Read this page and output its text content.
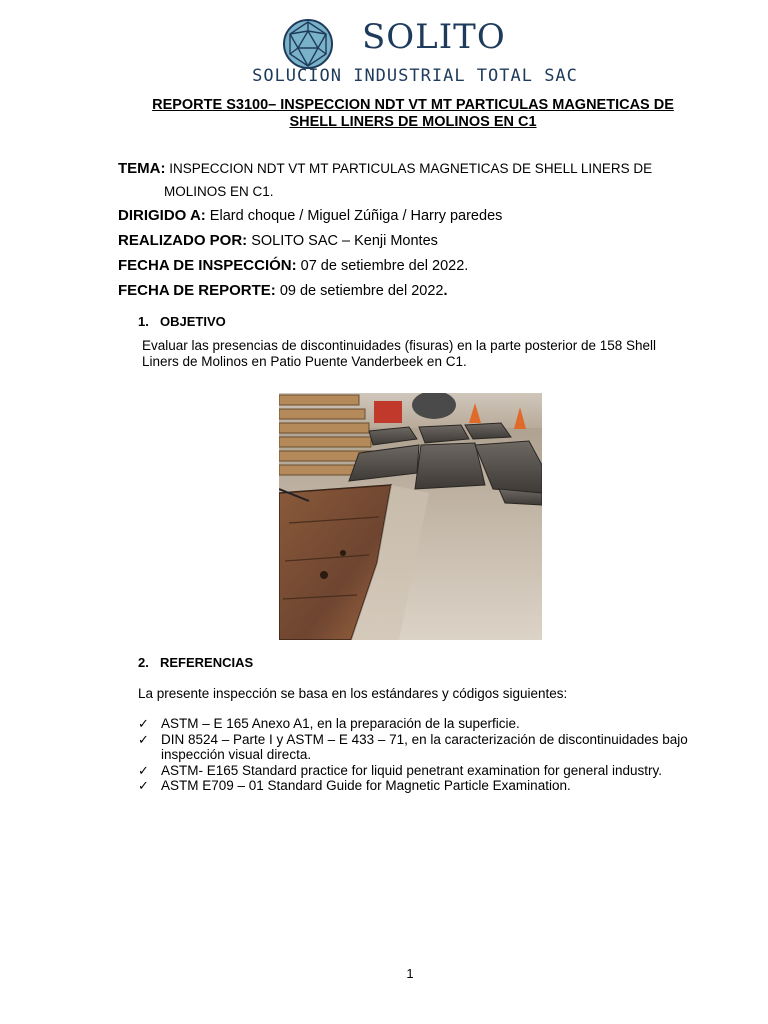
SOLITO
SOLUCION INDUSTRIAL TOTAL SAC
REPORTE S3100– INSPECCION NDT VT MT PARTICULAS MAGNETICAS DE
SHELL LINERS DE MOLINOS EN C1
TEMA: INSPECCION NDT VT MT PARTICULAS MAGNETICAS DE SHELL LINERS DE
MOLINOS EN C1.
DIRIGIDO A: Elard choque / Miguel Zúñiga / Harry paredes
REALIZADO POR: SOLITO SAC – Kenji Montes
FECHA DE INSPECCIÓN: 07 de setiembre del 2022.
FECHA DE REPORTE: 09 de setiembre del 2022.
1. OBJETIVO
Evaluar las presencias de discontinuidades (fisuras) en la parte posterior de 158 Shell
Liners de Molinos en Patio Puente Vanderbeek en C1.
2. REFERENCIAS
La presente inspección se basa en los estándares y códigos siguientes:
✓ ASTM – E 165 Anexo A1, en la preparación de la superficie.
✓ DIN 8524 – Parte I y ASTM – E 433 – 71, en la caracterización de discontinuidades bajo inspección visual directa.
✓ ASTM- E165 Standard practice for liquid penetrant examination for general industry.
✓ ASTM E709 – 01 Standard Guide for Magnetic Particle Examination.
1
